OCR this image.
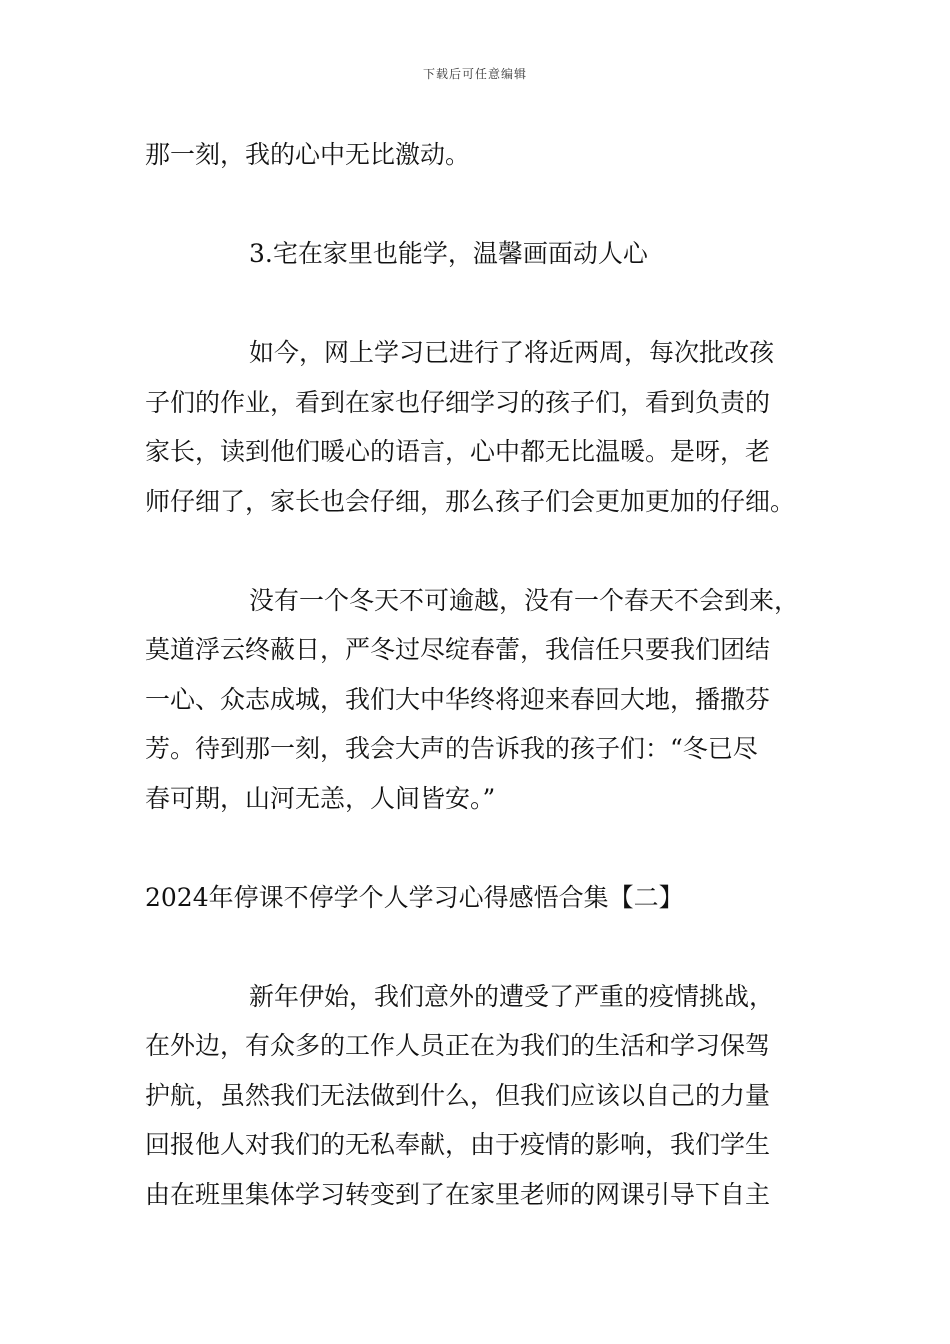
下载后可任意编辑
那一刻，我的心中无比激动。
3.宅在家里也能学，温馨画面动人心
如今，网上学习已进行了将近两周，每次批改孩
子们的作业，看到在家也仔细学习的孩子们，看到负责的
家长，读到他们暖心的语言，心中都无比温暖。是呀，老
师仔细了，家长也会仔细，那么孩子们会更加更加的仔细。
没有一个冬天不可逾越，没有一个春天不会到来，
莫道浮云终蔽日，严冬过尽绽春蕾，我信任只要我们团结
一心、众志成城，我们大中华终将迎来春回大地，播撒芬
芳。待到那一刻，我会大声的告诉我的孩子们：“冬已尽
春可期，山河无恙，人间皆安。”
2024年停课不停学个人学习心得感悟合集【二】
新年伊始，我们意外的遭受了严重的疫情挑战，
在外边，有众多的工作人员正在为我们的生活和学习保驾
护航，虽然我们无法做到什么，但我们应该以自己的力量
回报他人对我们的无私奉献，由于疫情的影响，我们学生
由在班里集体学习转变到了在家里老师的网课引导下自主
